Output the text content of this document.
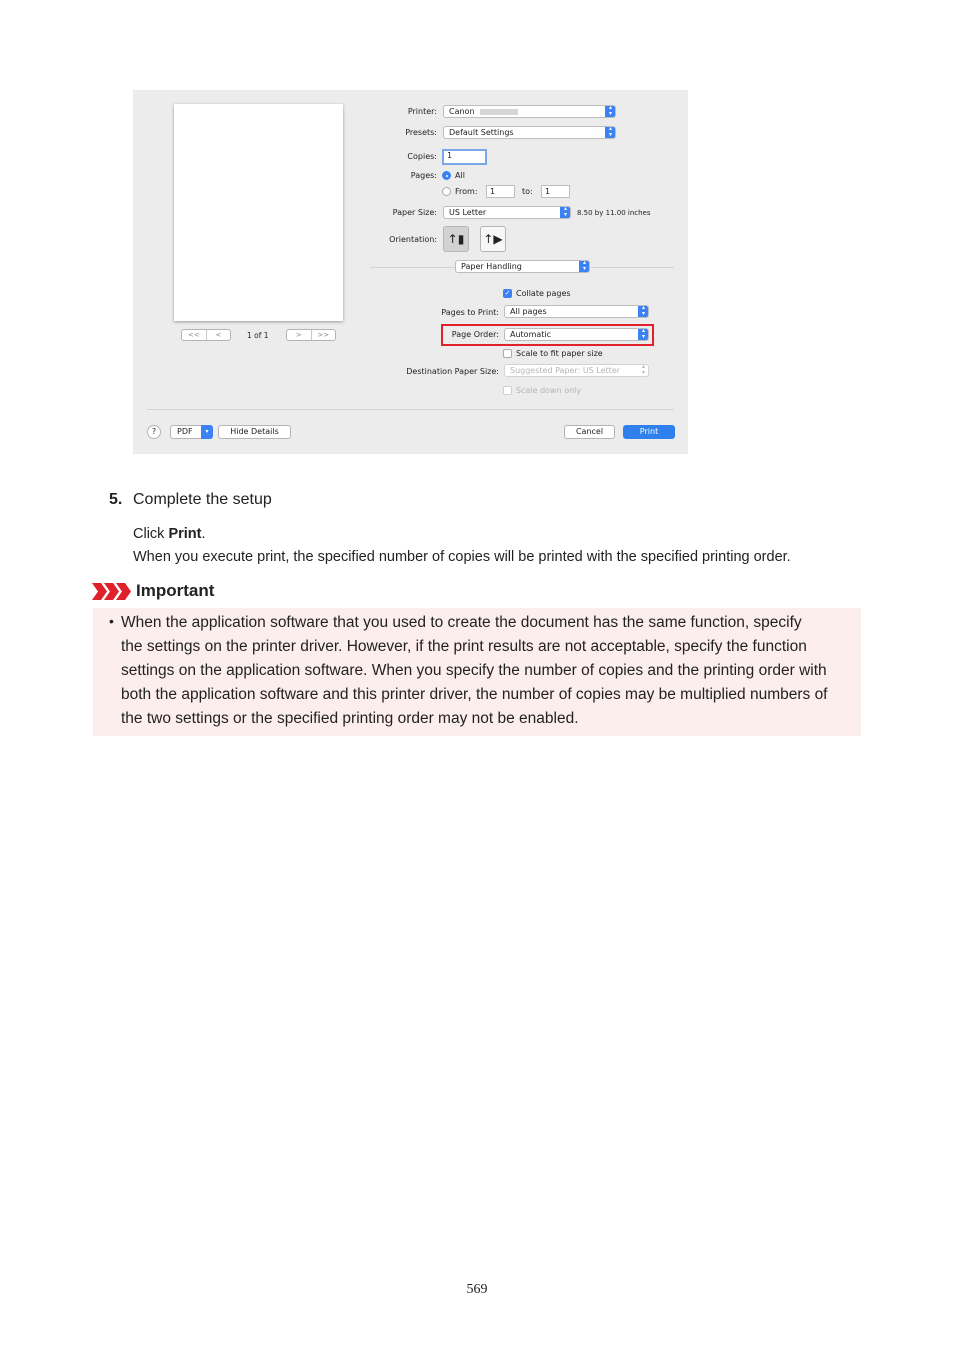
<<	<	1 of 1	>	>>
Printer:	Canon	▴
▾
Presets:	Default Settings	▴
▾
Copies:	1
Pages: All
From:	1	to:	1
Paper Size:	US Letter	▴
▾	8.50 by 11.00 inches
Orientation: ↑▮	↑▶
Paper Handling	▴
▾
✓ Collate pages
Pages to Print:	All pages	▴
▾
Page Order:	Automatic	▴
▾
Scale to fit paper size
Destination Paper Size:	Suggested Paper: US Letter	▴
▾
Scale down only
?	PDF	▾	Hide Details	Cancel	Print
5. Complete the setup
Click Print.
When you execute print, the specified number of copies will be printed with the specified printing order.
Important
• When the application software that you used to create the document has the same function, specify
the settings on the printer driver. However, if the print results are not acceptable, specify the function
settings on the application software. When you specify the number of copies and the printing order with
both the application software and this printer driver, the number of copies may be multiplied numbers of
the two settings or the specified printing order may not be enabled.
569
